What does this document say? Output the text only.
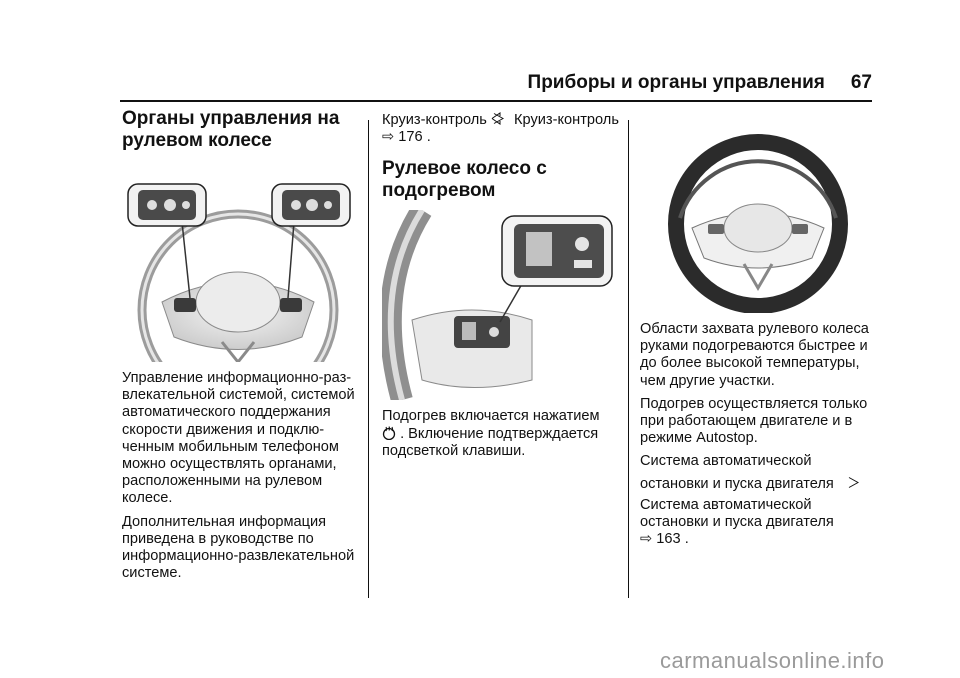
Приборы и органы управления 67
Органы управления на
рулевом колесе

Управление информационно-раз-
влекательной системой, системой
автоматического поддержания
скорости движения и подклю-
ченным мобильным телефоном
можно осуществлять органами,
расположенными на рулевом
колесе.

Дополнительная информация
приведена в руководстве по
информационно-развлекательной
системе.

Круиз-контроль Круиз-контроль
⇨ 176 .

Рулевое колесо с
подогревом

Подогрев включается нажатием
. Включение подтверждается
подсветкой клавиши.

Области захвата рулевого колеса
руками подогреваются быстрее и
до более высокой температуры,
чем другие участки.

Подогрев осуществляется только
при работающем двигателе и в
режиме Autostop.

Система автоматической
остановки и пуска двигателя
Система автоматической
остановки и пуска двигателя
⇨ 163 .

carmanualsonline.info
